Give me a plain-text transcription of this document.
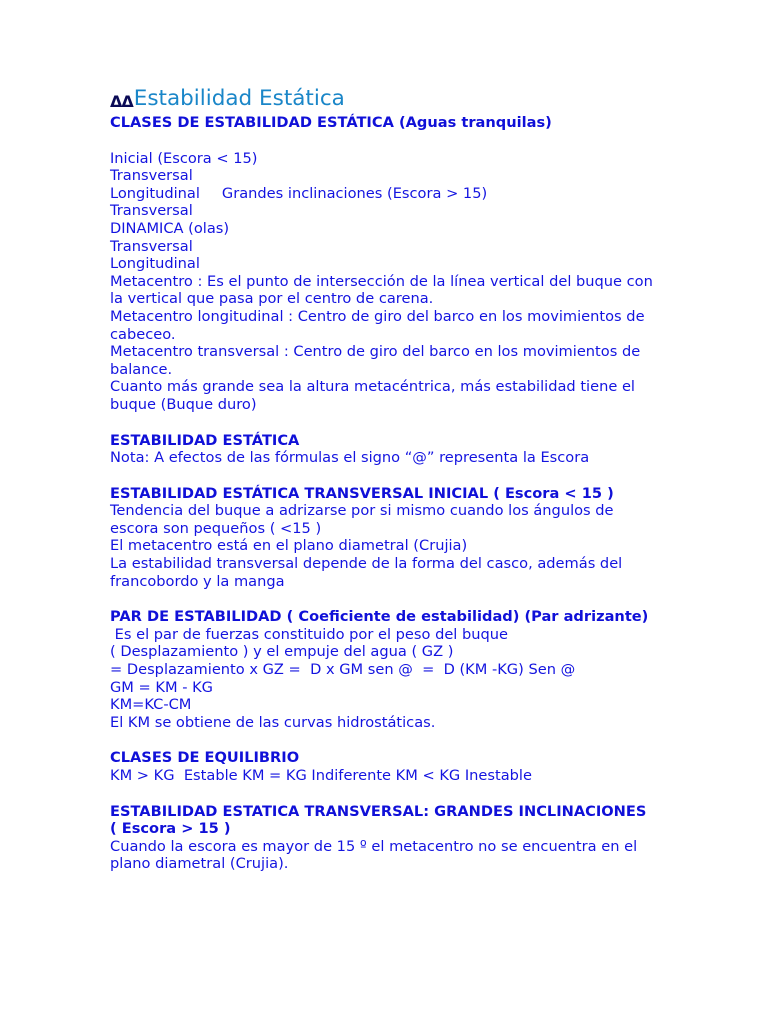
ΔΔ Estabilidad Estática
CLASES DE ESTABILIDAD ESTÁTICA (Aguas tranquilas)
Inicial (Escora < 15)
Transversal
Longitudinal Grandes inclinaciones (Escora > 15)
Transversal
DINAMICA (olas)
Transversal
Longitudinal
Metacentro : Es el punto de intersección de la línea vertical del buque con la vertical que pasa por el centro de carena.
Metacentro longitudinal : Centro de giro del barco en los movimientos de cabeceo.
Metacentro transversal : Centro de giro del barco en los movimientos de balance.
Cuanto más grande sea la altura metacéntrica, más estabilidad tiene el buque (Buque duro)
ESTABILIDAD ESTÁTICA
Nota: A efectos de las fórmulas el signo “@” representa la Escora
ESTABILIDAD ESTÁTICA TRANSVERSAL INICIAL ( Escora < 15 )
Tendencia del buque a adrizarse por si mismo cuando los ángulos de escora son pequeños ( <15 )
El metacentro está en el plano diametral (Crujia)
La estabilidad transversal depende de la forma del casco, además del francobordo y la manga
PAR DE ESTABILIDAD ( Coeficiente de estabilidad) (Par adrizante)
Es el par de fuerzas constituido por el peso del buque
( Desplazamiento ) y el empuje del agua ( GZ )
= Desplazamiento x GZ =  D x GM sen @  =  D (KM -KG) Sen @
GM = KM - KG
KM=KC-CM
El KM se obtiene de las curvas hidrostáticas.
CLASES DE EQUILIBRIO
KM > KG  Estable KM = KG Indiferente KM < KG Inestable
ESTABILIDAD ESTATICA TRANSVERSAL: GRANDES INCLINACIONES ( Escora > 15 )
Cuando la escora es mayor de 15 º el metacentro no se encuentra en el plano diametral (Crujia).
